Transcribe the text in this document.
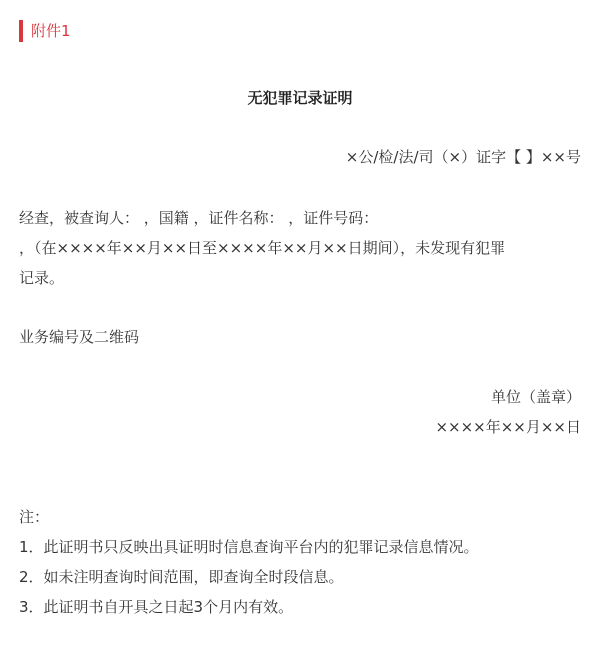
附件1
无犯罪记录证明
×公/检/法/司（×）证字【 】××号
经查，被查询人： ，国籍 ，证件名称： ，证件号码：
，（在××××年××月××日至××××年××月××日期间），未发现有犯罪
记录。
业务编号及二维码
单位（盖章）
××××年××月××日
注：
1．此证明书只反映出具证明时信息查询平台内的犯罪记录信息情况。
2．如未注明查询时间范围，即查询全时段信息。
3．此证明书自开具之日起3个月内有效。
